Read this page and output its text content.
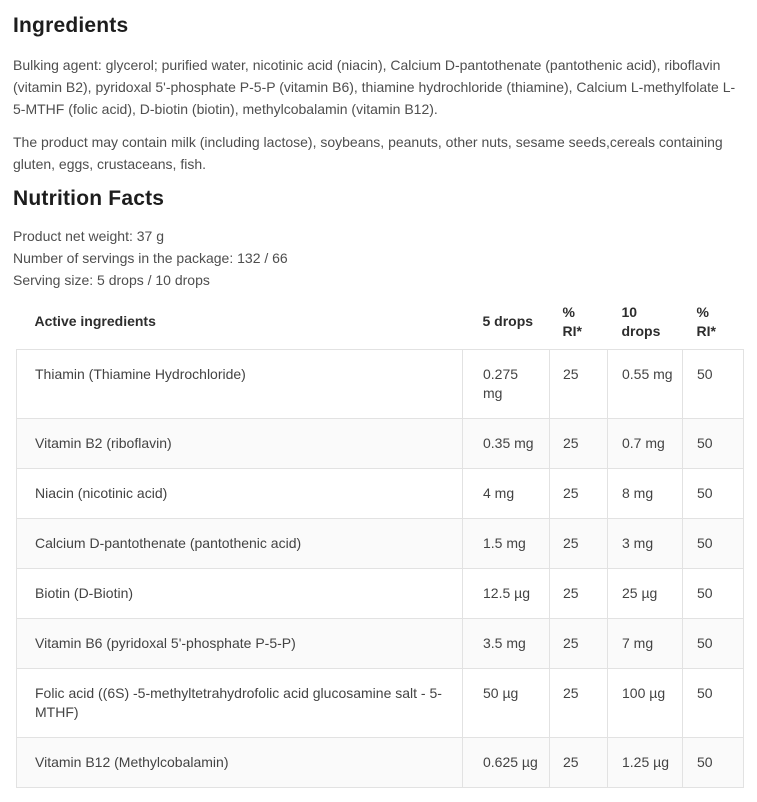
Ingredients

Bulking agent: glycerol; purified water, nicotinic acid (niacin), Calcium D-pantothenate (pantothenic acid), riboflavin (vitamin B2), pyridoxal 5'-phosphate P-5-P (vitamin B6), thiamine hydrochloride (thiamine), Calcium L-methylfolate L-5-MTHF (folic acid), D-biotin (biotin), methylcobalamin (vitamin B12).

The product may contain milk (including lactose), soybeans, peanuts, other nuts, sesame seeds,cereals containing gluten, eggs, crustaceans, fish.

Nutrition Facts
Product net weight: 37 g
Number of servings in the package: 132 / 66
Serving size: 5 drops / 10 drops
Active ingredients	5 drops	% RI*	10 drops	% RI*
Thiamin (Thiamine Hydrochloride)	0.275 mg	25	0.55 mg	50
Vitamin B2 (riboflavin)	0.35 mg	25	0.7 mg	50
Niacin (nicotinic acid)	4 mg	25	8 mg	50
Calcium D-pantothenate (pantothenic acid)	1.5 mg	25	3 mg	50
Biotin (D-Biotin)	12.5 µg	25	25 µg	50
Vitamin B6 (pyridoxal 5'-phosphate P-5-P)	3.5 mg	25	7 mg	50
Folic acid ((6S) -5-methyltetrahydrofolic acid glucosamine salt - 5-MTHF)	50 µg	25	100 µg	50
Vitamin B12 (Methylcobalamin)	0.625 µg	25	1.25 µg	50
